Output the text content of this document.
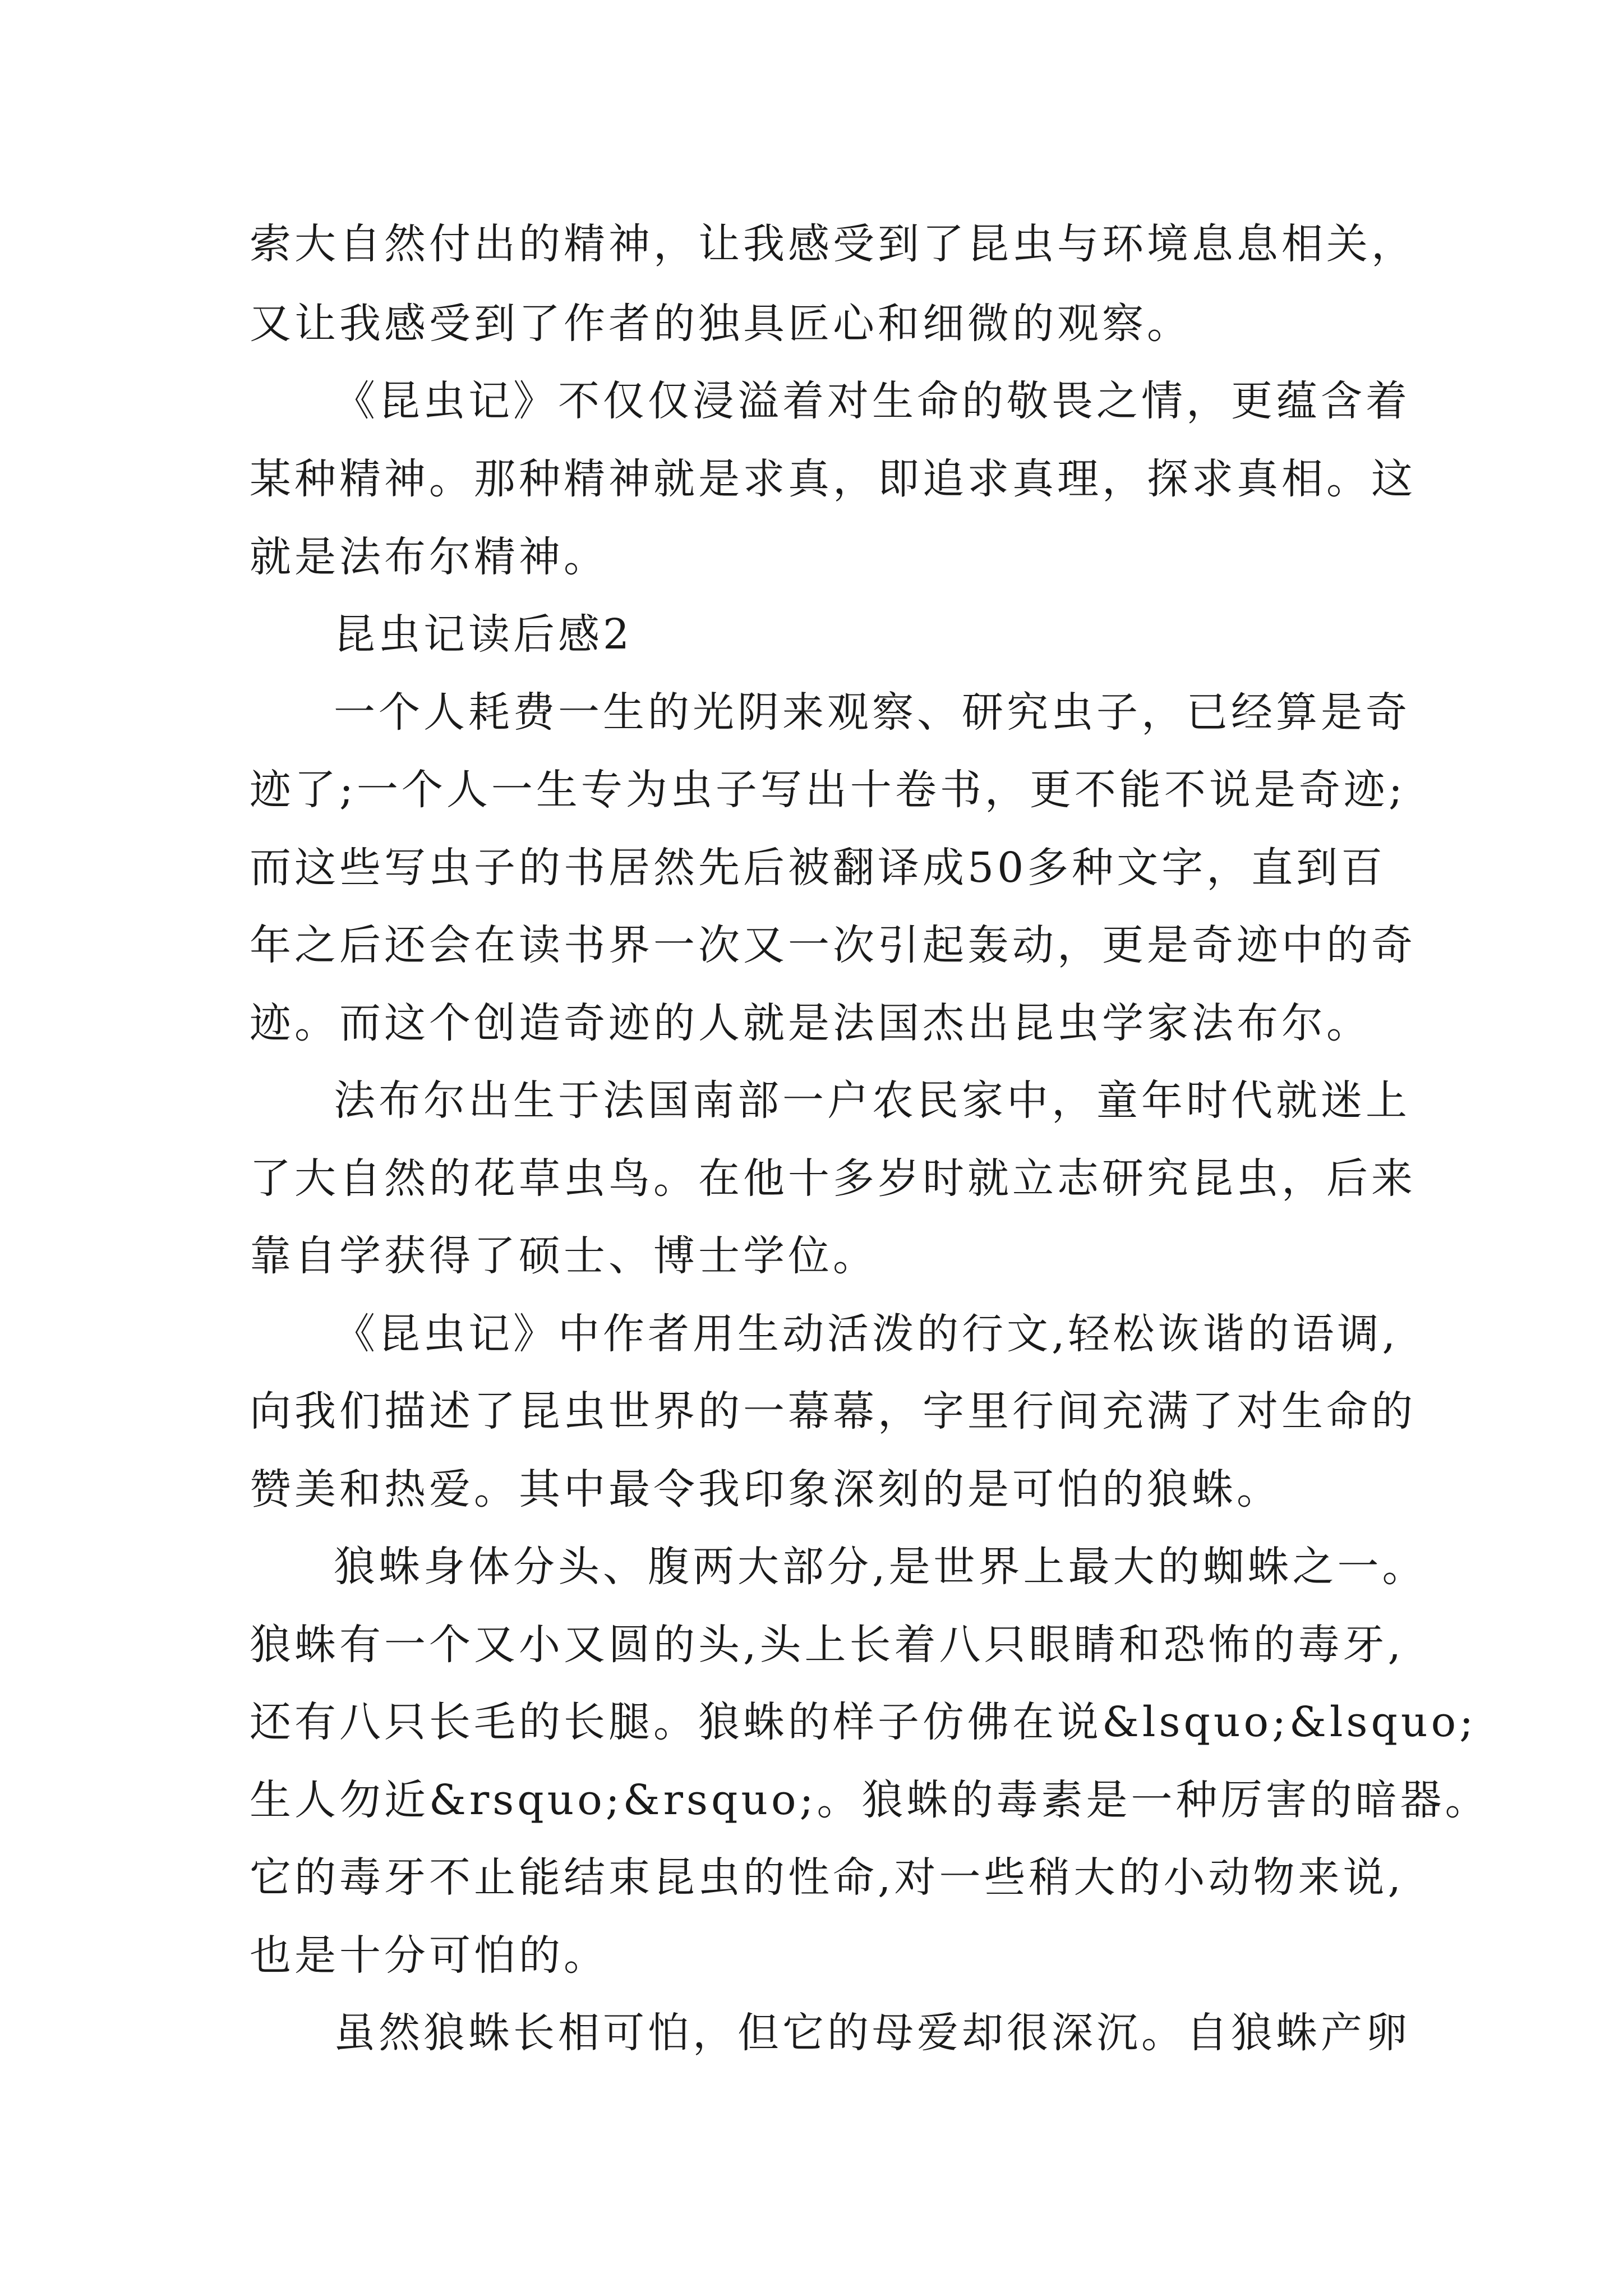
索大自然付出的精神，让我感受到了昆虫与环境息息相关，
又让我感受到了作者的独具匠心和细微的观察。
《昆虫记》不仅仅浸溢着对生命的敬畏之情，更蕴含着
某种精神。那种精神就是求真，即追求真理，探求真相。这
就是法布尔精神。
昆虫记读后感2
一个人耗费一生的光阴来观察、研究虫子，已经算是奇
迹了;一个人一生专为虫子写出十卷书，更不能不说是奇迹;
而这些写虫子的书居然先后被翻译成50多种文字，直到百
年之后还会在读书界一次又一次引起轰动，更是奇迹中的奇
迹。而这个创造奇迹的人就是法国杰出昆虫学家法布尔。
法布尔出生于法国南部一户农民家中，童年时代就迷上
了大自然的花草虫鸟。在他十多岁时就立志研究昆虫，后来
靠自学获得了硕士、博士学位。
《昆虫记》中作者用生动活泼的行文,轻松诙谐的语调,
向我们描述了昆虫世界的一幕幕，字里行间充满了对生命的
赞美和热爱。其中最令我印象深刻的是可怕的狼蛛。
狼蛛身体分头、腹两大部分,是世界上最大的蜘蛛之一。
狼蛛有一个又小又圆的头,头上长着八只眼睛和恐怖的毒牙,
还有八只长毛的长腿。狼蛛的样子仿佛在说&lsquo;&lsquo;
生人勿近&rsquo;&rsquo;。狼蛛的毒素是一种厉害的暗器。
它的毒牙不止能结束昆虫的性命,对一些稍大的小动物来说,
也是十分可怕的。
虽然狼蛛长相可怕，但它的母爱却很深沉。自狼蛛产卵
